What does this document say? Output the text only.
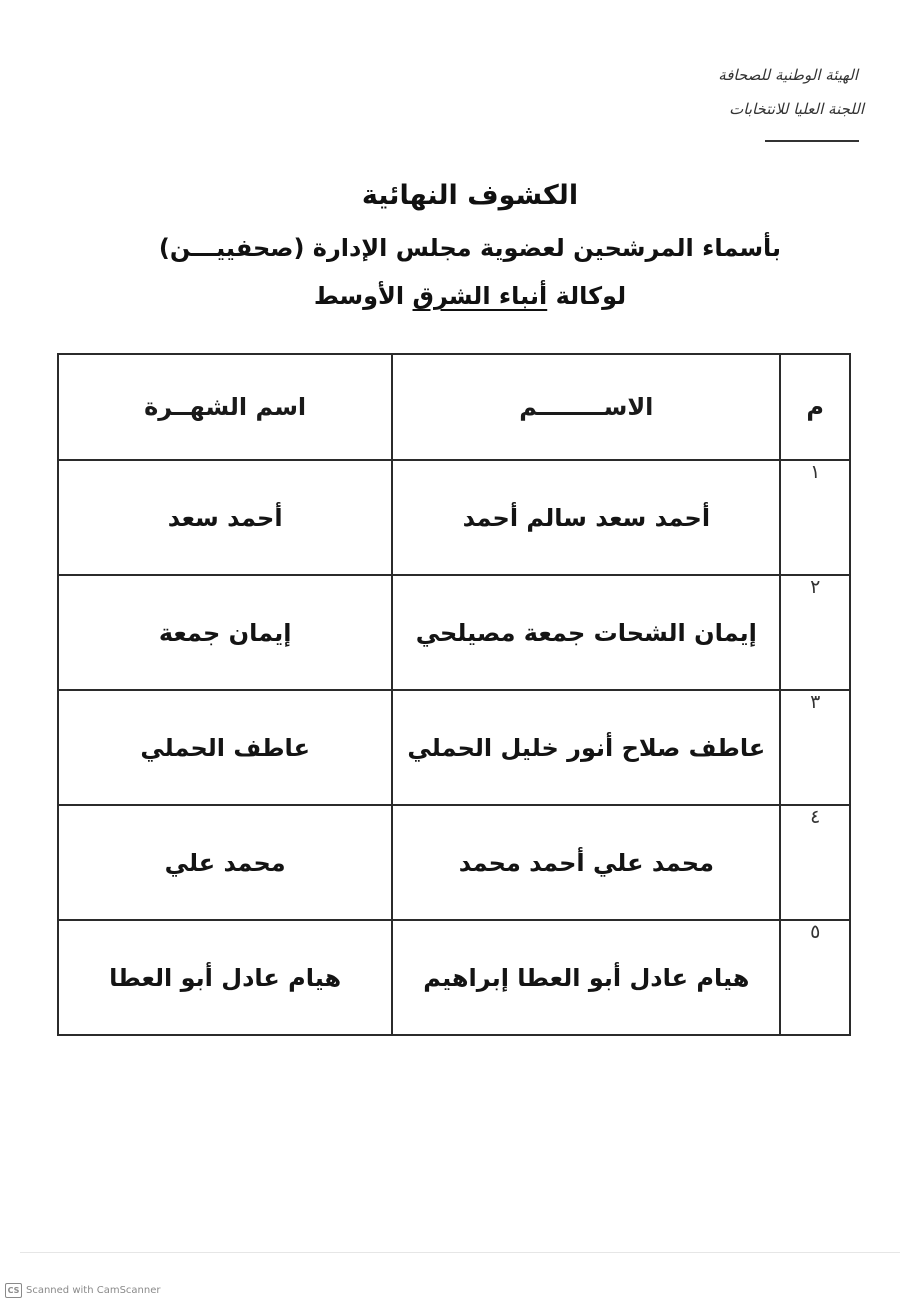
الهيئة الوطنية للصحافة
اللجنة العليا للانتخابات
الكشوف النهائية
بأسماء المرشحين لعضوية مجلس الإدارة (صحفييـــن)
لوكالة أنباء الشرق الأوسط
م	الاســــــــم	اسم الشهــرة
١	أحمد سعد سالم أحمد	أحمد سعد
٢	إيمان الشحات جمعة مصيلحي	إيمان جمعة
٣	عاطف صلاح أنور خليل الحملي	عاطف الحملي
٤	محمد علي أحمد محمد	محمد علي
٥	هيام عادل أبو العطا إبراهيم	هيام عادل أبو العطا
CS Scanned with CamScanner
